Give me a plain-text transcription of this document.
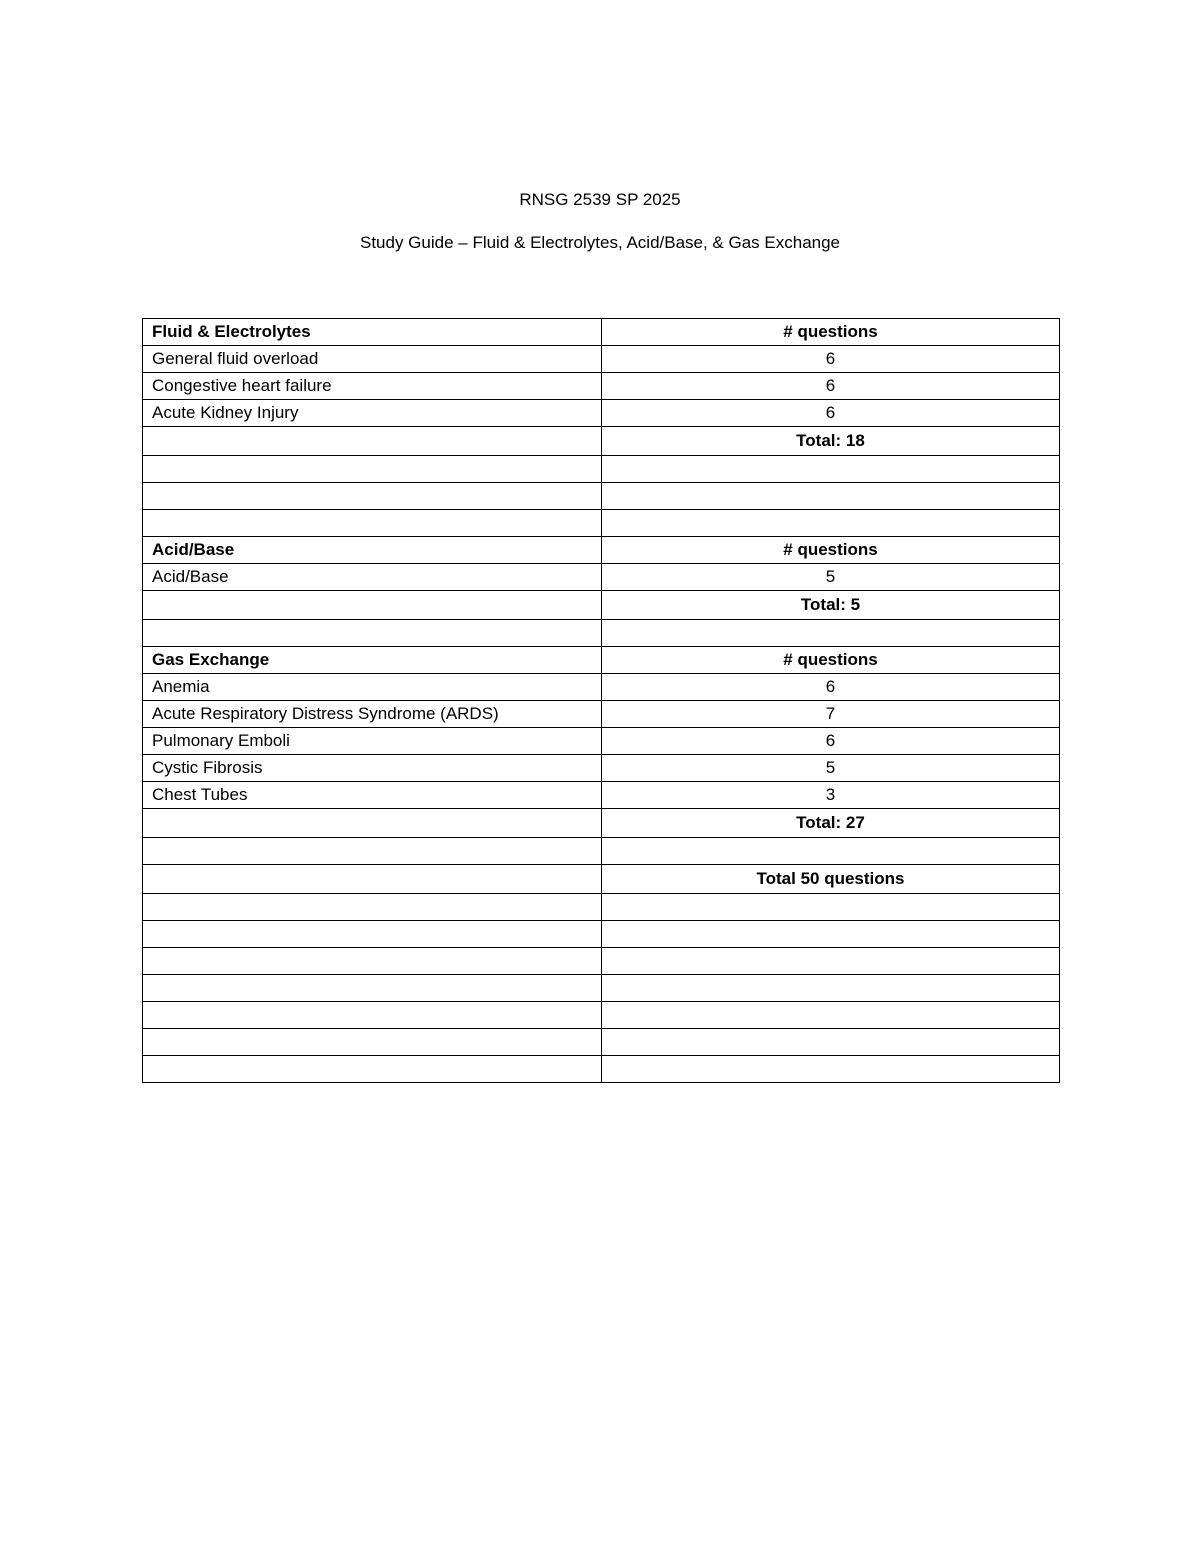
RNSG 2539 SP 2025
Study Guide – Fluid & Electrolytes, Acid/Base, & Gas Exchange
Fluid & Electrolytes	# questions
General fluid overload	6
Congestive heart failure	6
Acute Kidney Injury	6
	Total: 18

Acid/Base	# questions
Acid/Base	5
	Total: 5

Gas Exchange	# questions
Anemia	6
Acute Respiratory Distress Syndrome (ARDS)	7
Pulmonary Emboli	6
Cystic Fibrosis	5
Chest Tubes	3
	Total: 27

	Total 50 questions
